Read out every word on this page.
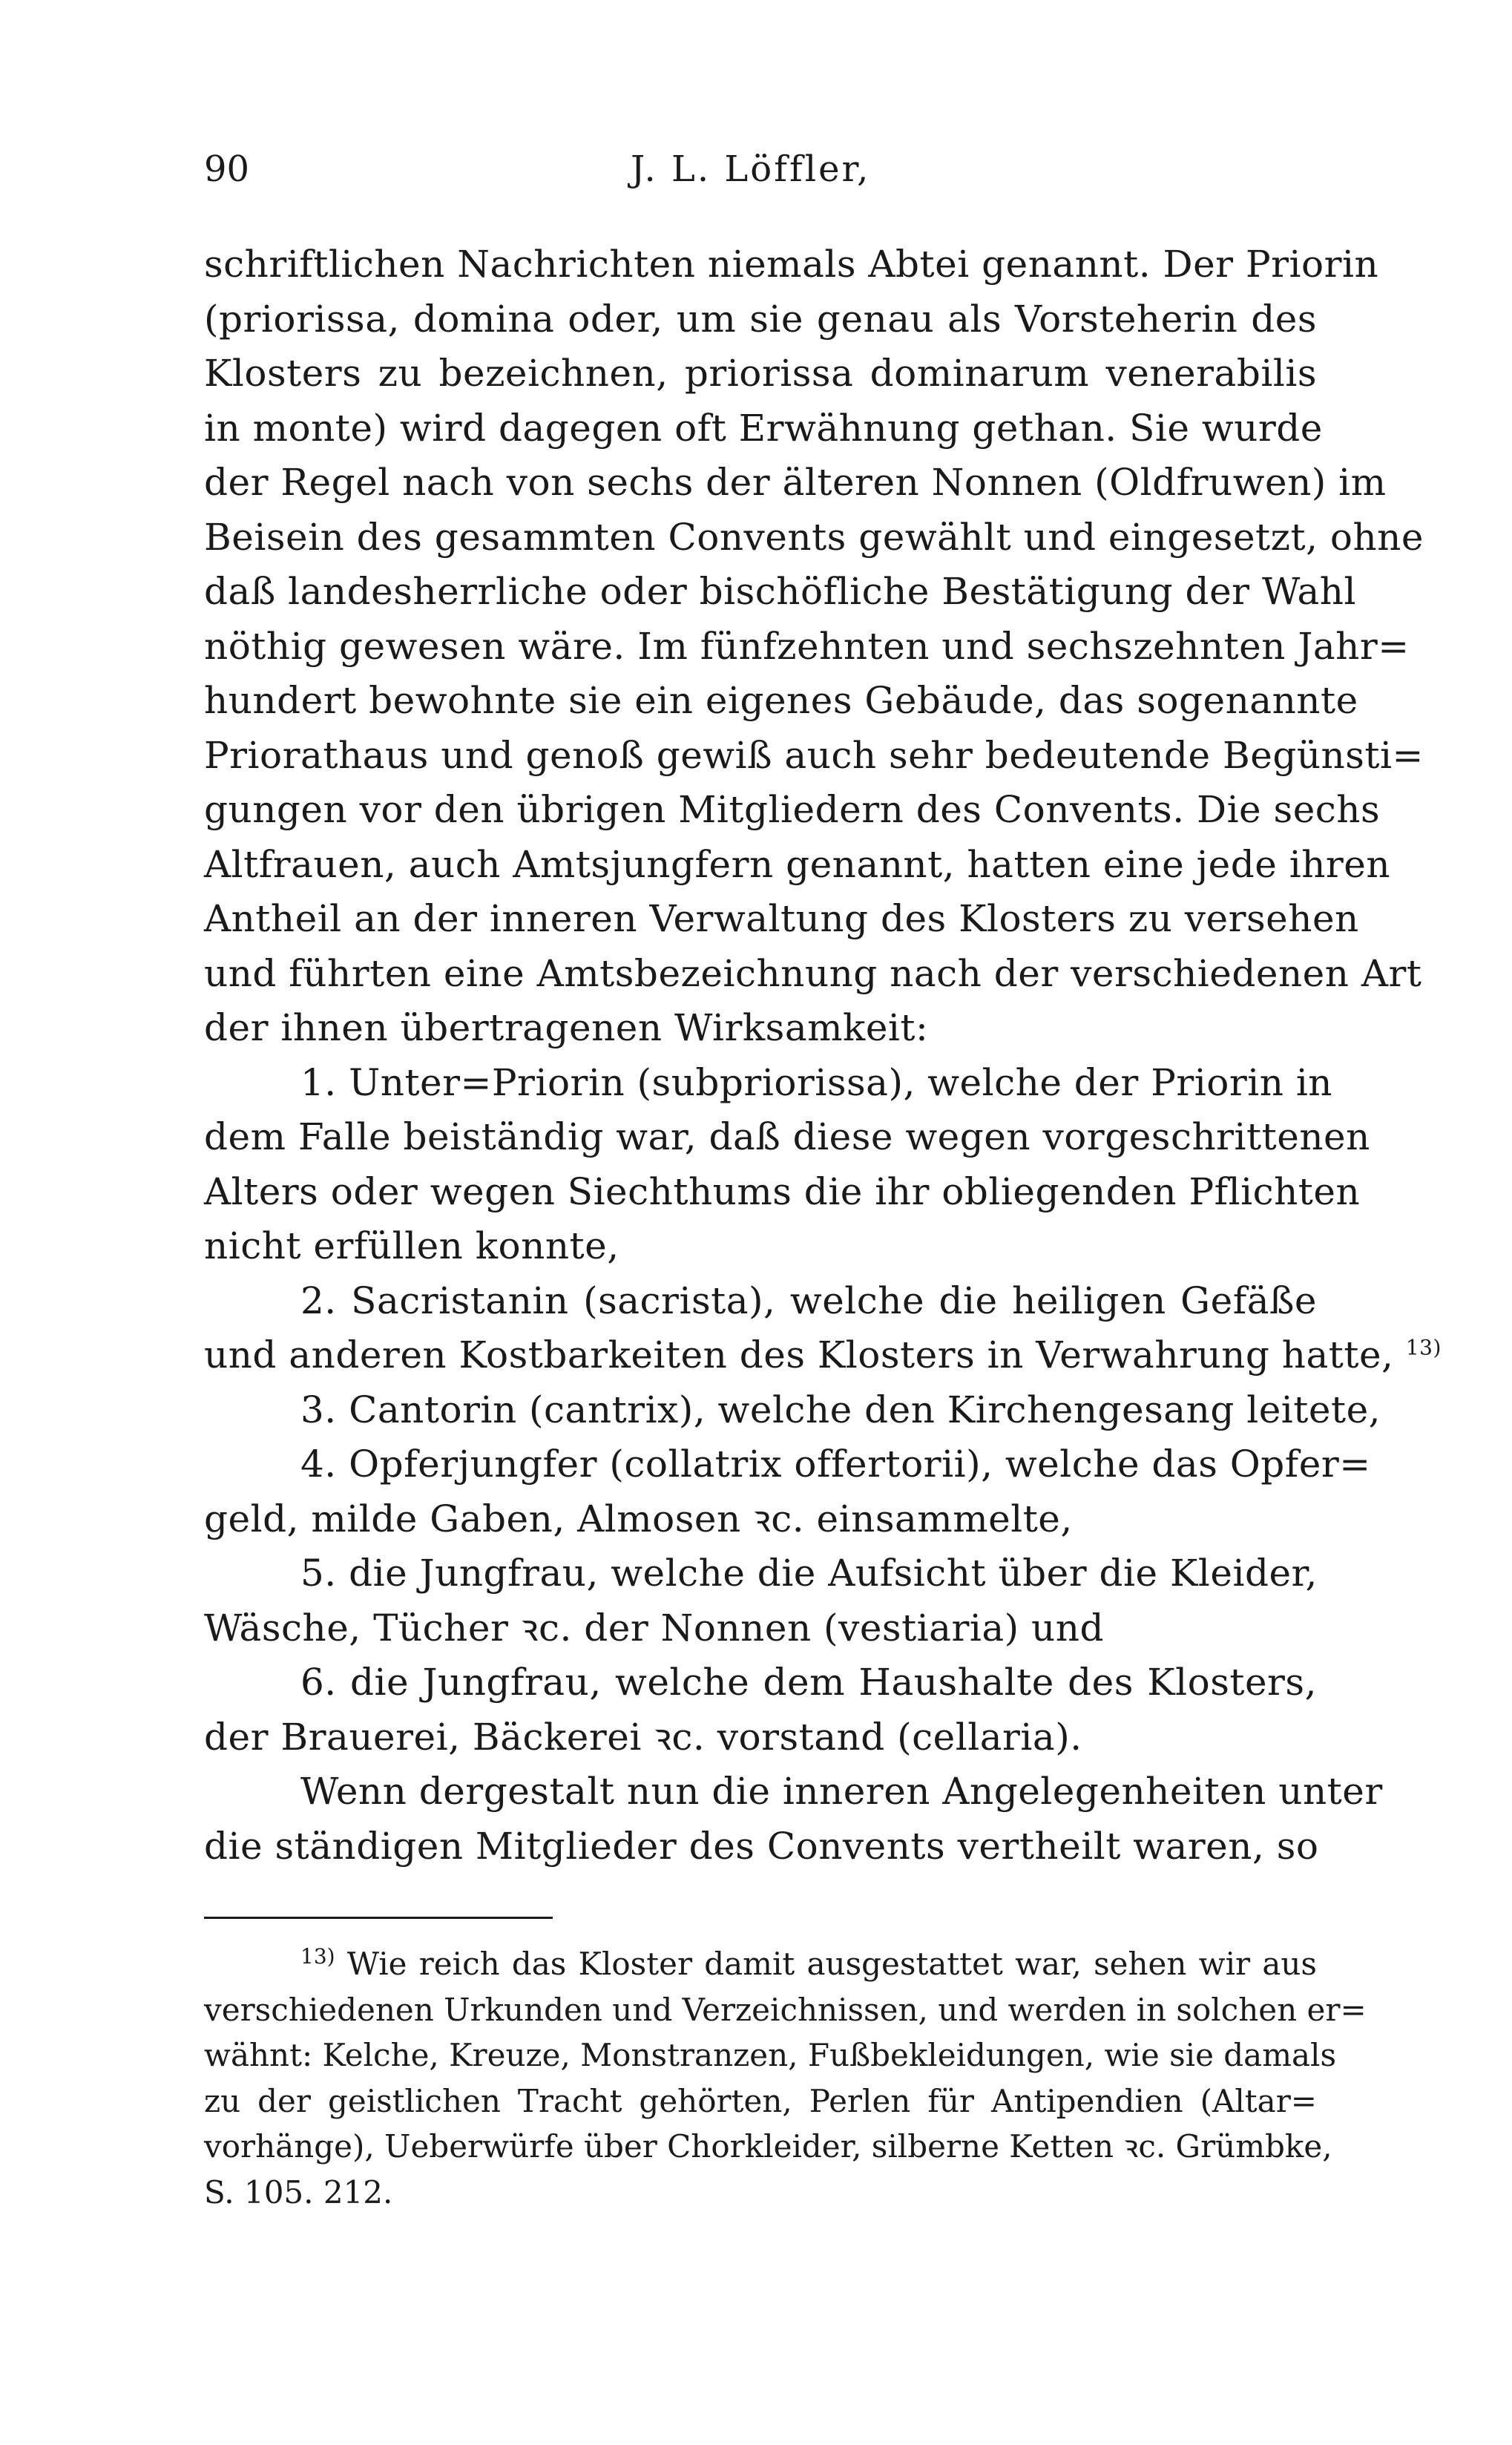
90	J. L. Löffler,

schriftlichen Nachrichten niemals Abtei genannt. Der Priorin
(priorissa, domina oder, um sie genau als Vorsteherin des
Klosters zu bezeichnen, priorissa dominarum venerabilis
in monte) wird dagegen oft Erwähnung gethan. Sie wurde
der Regel nach von sechs der älteren Nonnen (Oldfruwen) im
Beisein des gesammten Convents gewählt und eingesetzt, ohne
daß landesherrliche oder bischöfliche Bestätigung der Wahl
nöthig gewesen wäre. Im fünfzehnten und sechszehnten Jahr=
hundert bewohnte sie ein eigenes Gebäude, das sogenannte
Priorathaus und genoß gewiß auch sehr bedeutende Begünsti=
gungen vor den übrigen Mitgliedern des Convents. Die sechs
Altfrauen, auch Amtsjungfern genannt, hatten eine jede ihren
Antheil an der inneren Verwaltung des Klosters zu versehen
und führten eine Amtsbezeichnung nach der verschiedenen Art
der ihnen übertragenen Wirksamkeit:

1. Unter=Priorin (subpriorissa), welche der Priorin in
dem Falle beiständig war, daß diese wegen vorgeschrittenen
Alters oder wegen Siechthums die ihr obliegenden Pflichten
nicht erfüllen konnte,
2. Sacristanin (sacrista), welche die heiligen Gefäße
und anderen Kostbarkeiten des Klosters in Verwahrung hatte, $^{13)}$
3. Cantorin (cantrix), welche den Kirchengesang leitete,
4. Opferjungfer (collatrix offertorii), welche das Opfer=
geld, milde Gaben, Almosen ꝛc. einsammelte,
5. die Jungfrau, welche die Aufsicht über die Kleider,
Wäsche, Tücher ꝛc. der Nonnen (vestiaria) und
6. die Jungfrau, welche dem Haushalte des Klosters,
der Brauerei, Bäckerei ꝛc. vorstand (cellaria).

Wenn dergestalt nun die inneren Angelegenheiten unter
die ständigen Mitglieder des Convents vertheilt waren, so

$^{13)}$ Wie reich das Kloster damit ausgestattet war, sehen wir aus
verschiedenen Urkunden und Verzeichnissen, und werden in solchen er=
wähnt: Kelche, Kreuze, Monstranzen, Fußbekleidungen, wie sie damals
zu der geistlichen Tracht gehörten, Perlen für Antipendien (Altar=
vorhänge), Ueberwürfe über Chorkleider, silberne Ketten ꝛc. Grümbke,
S. 105. 212.
